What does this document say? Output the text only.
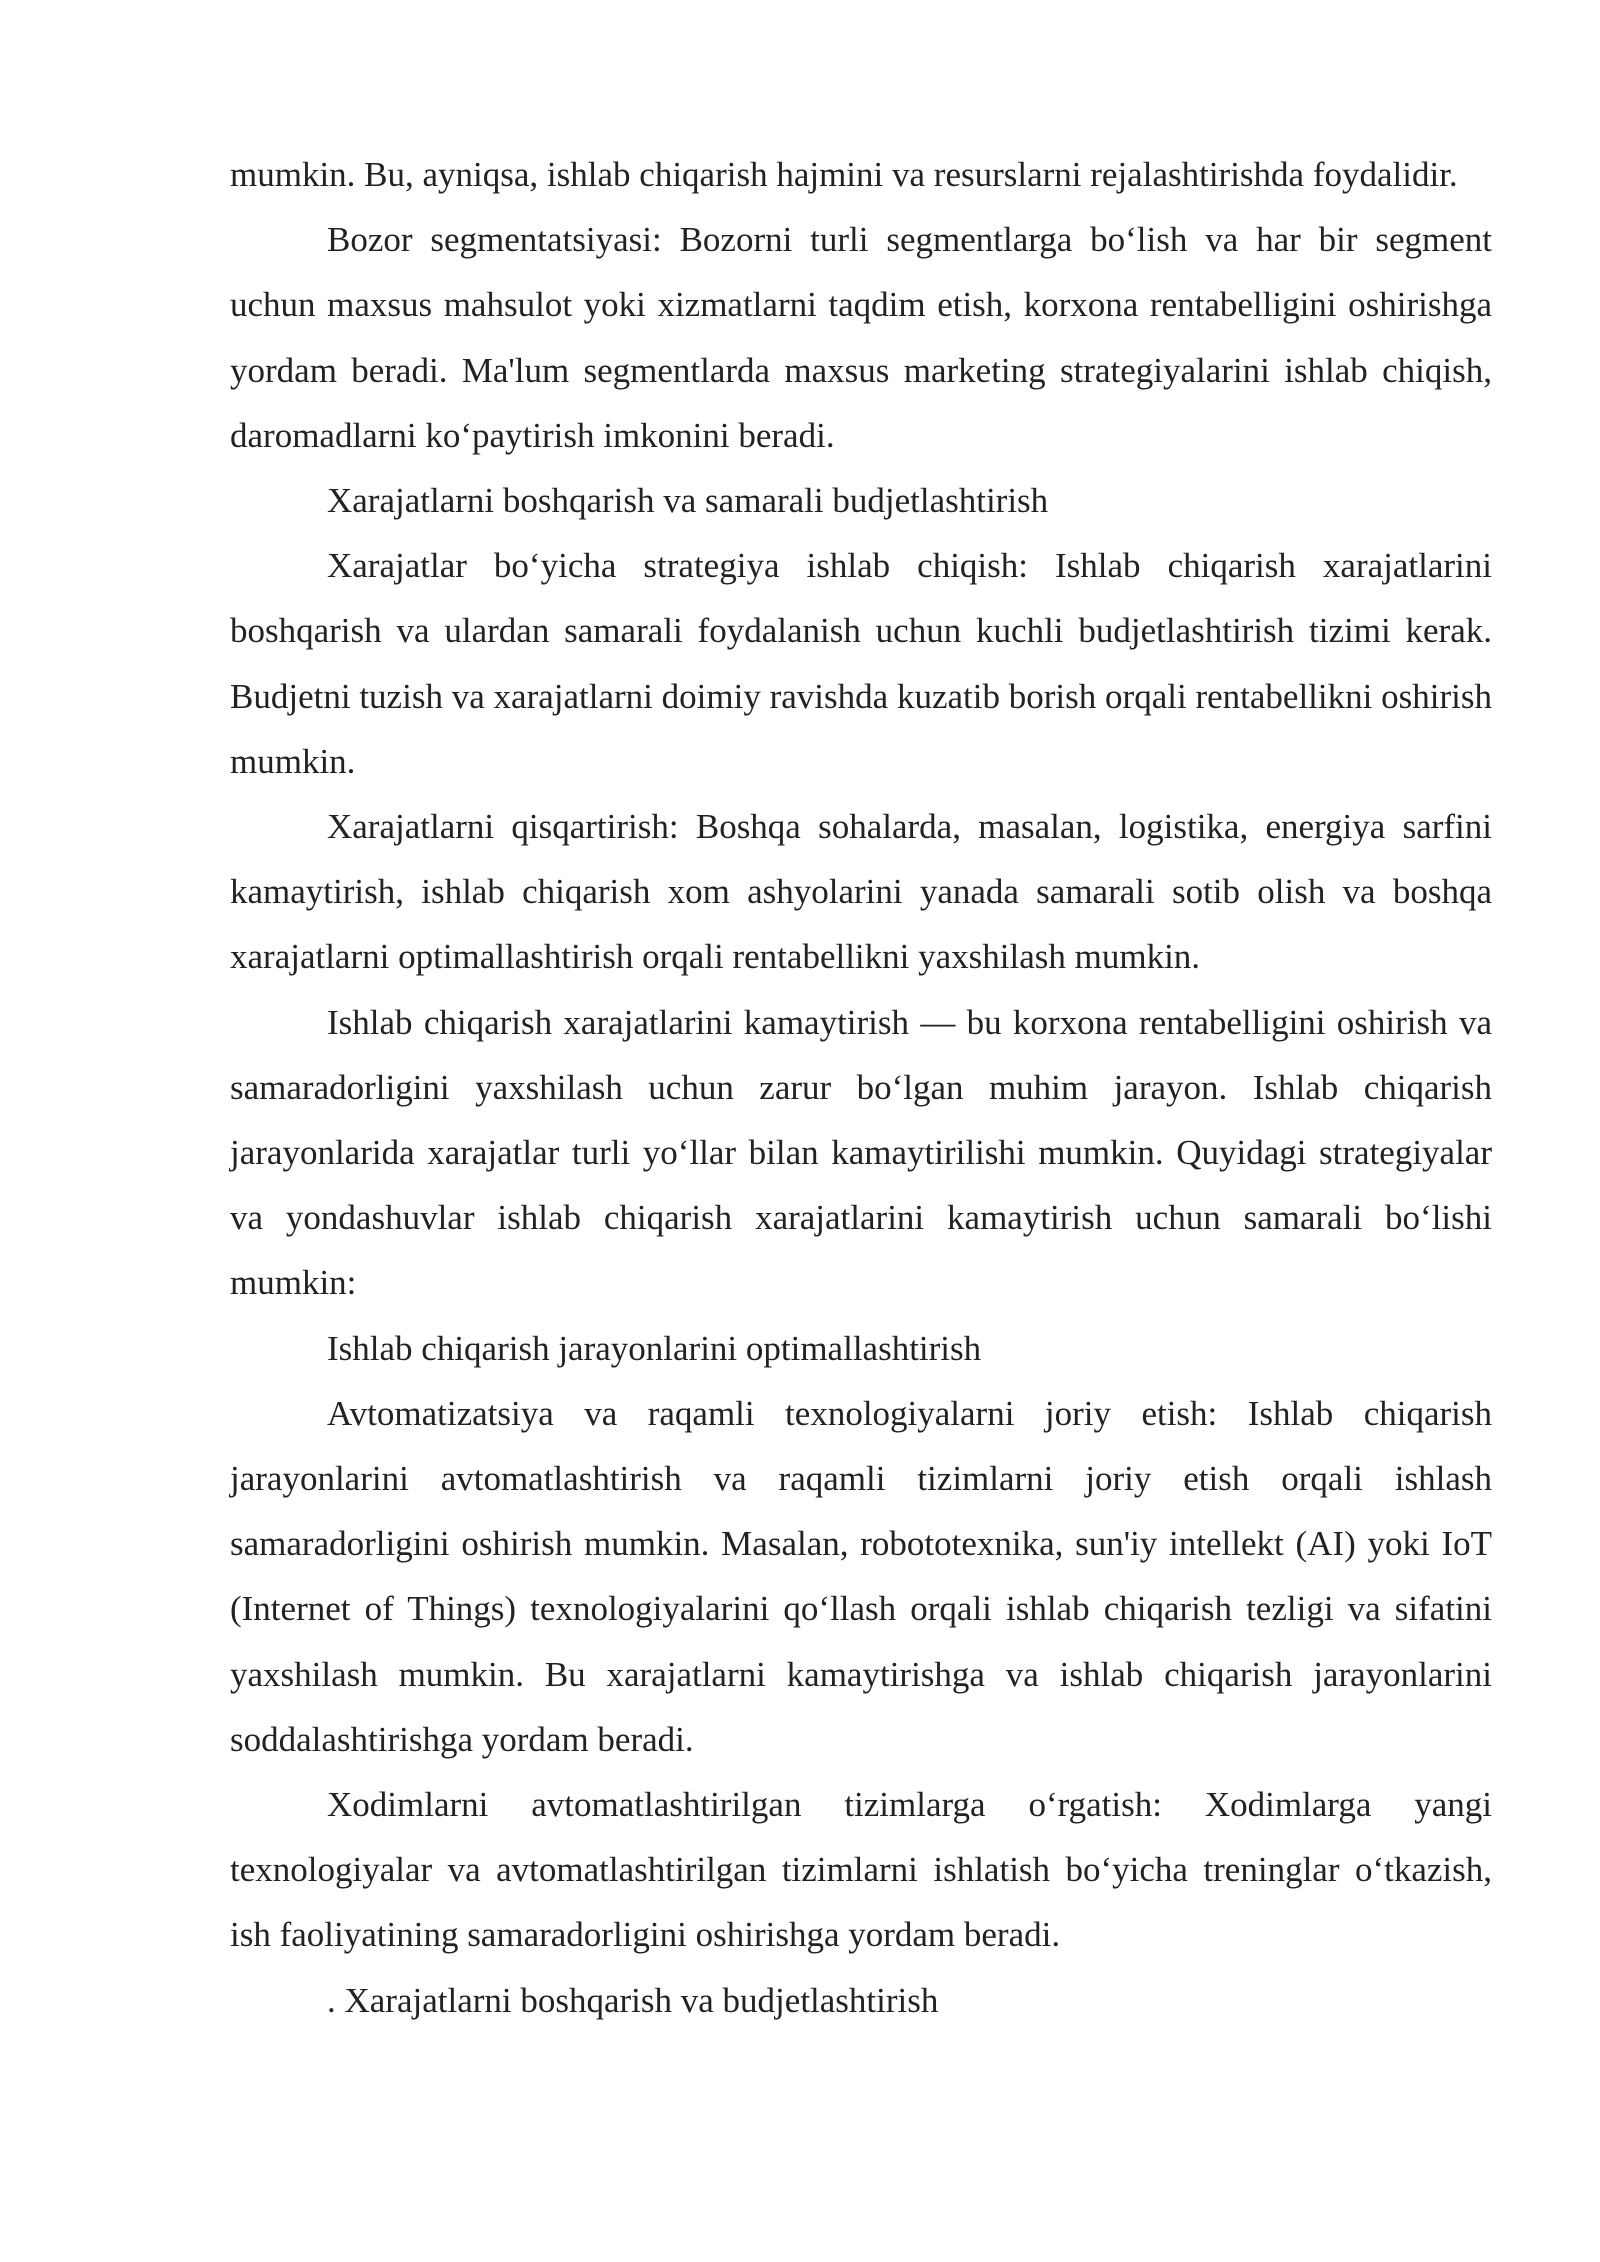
mumkin. Bu, ayniqsa, ishlab chiqarish hajmini va resurslarni rejalashtirishda foydalidir.

Bozor segmentatsiyasi: Bozorni turli segmentlarga bo‘lish va har bir segment uchun maxsus mahsulot yoki xizmatlarni taqdim etish, korxona rentabelligini oshirishga yordam beradi. Ma'lum segmentlarda maxsus marketing strategiyalarini ishlab chiqish, daromadlarni ko‘paytirish imkonini beradi.

Xarajatlarni boshqarish va samarali budjetlashtirish

Xarajatlar bo‘yicha strategiya ishlab chiqish: Ishlab chiqarish xarajatlarini boshqarish va ulardan samarali foydalanish uchun kuchli budjetlashtirish tizimi kerak. Budjetni tuzish va xarajatlarni doimiy ravishda kuzatib borish orqali rentabellikni oshirish mumkin.

Xarajatlarni qisqartirish: Boshqa sohalarda, masalan, logistika, energiya sarfini kamaytirish, ishlab chiqarish xom ashyolarini yanada samarali sotib olish va boshqa xarajatlarni optimallashtirish orqali rentabellikni yaxshilash mumkin.

Ishlab chiqarish xarajatlarini kamaytirish — bu korxona rentabelligini oshirish va samaradorligini yaxshilash uchun zarur bo‘lgan muhim jarayon. Ishlab chiqarish jarayonlarida xarajatlar turli yo‘llar bilan kamaytirilishi mumkin. Quyidagi strategiyalar va yondashuvlar ishlab chiqarish xarajatlarini kamaytirish uchun samarali bo‘lishi mumkin:

Ishlab chiqarish jarayonlarini optimallashtirish

Avtomatizatsiya va raqamli texnologiyalarni joriy etish: Ishlab chiqarish jarayonlarini avtomatlashtirish va raqamli tizimlarni joriy etish orqali ishlash samaradorligini oshirish mumkin. Masalan, robototexnika, sun'iy intellekt (AI) yoki IoT (Internet of Things) texnologiyalarini qo‘llash orqali ishlab chiqarish tezligi va sifatini yaxshilash mumkin. Bu xarajatlarni kamaytirishga va ishlab chiqarish jarayonlarini soddalashtirishga yordam beradi.

Xodimlarni avtomatlashtirilgan tizimlarga o‘rgatish: Xodimlarga yangi texnologiyalar va avtomatlashtirilgan tizimlarni ishlatish bo‘yicha treninglar o‘tkazish, ish faoliyatining samaradorligini oshirishga yordam beradi.

. Xarajatlarni boshqarish va budjetlashtirish
